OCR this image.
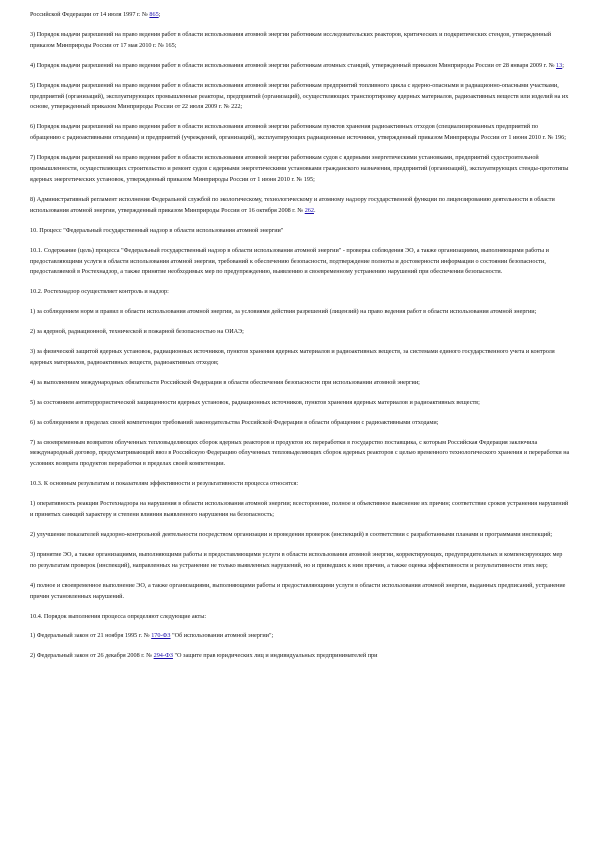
Российской Федерации от 14 июля 1997 г. № 865;

3) Порядок выдачи разрешений на право ведения работ в области использования атомной энергии работникам исследовательских реакторов, критических и подкритических стендов, утвержденный приказом Минприроды России от 17 мая 2010 г. № 165;

4) Порядок выдачи разрешений на право ведения работ в области использования атомной энергии работникам атомных станций, утвержденный приказом Минприроды России от 28 января 2009 г. № 13;

5) Порядок выдачи разрешений на право ведения работ в области использования атомной энергии работникам предприятий топливного цикла с ядерно-опасными и радиационно-опасными участками, предприятий (организаций), эксплуатирующих промышленные реакторы, предприятий (организаций), осуществляющих транспортировку ядерных материалов, радиоактивных веществ или изделий на их основе, утвержденный приказом Минприроды России от 22 июля 2009 г. № 222;

6) Порядок выдачи разрешений на право ведения работ в области использования атомной энергии работникам пунктов хранения радиоактивных отходов (специализированных предприятий по обращению с радиоактивными отходами) и предприятий (учреждений, организаций), эксплуатирующих радиационные источники, утвержденный приказом Минприроды России от 1 июня 2010 г. № 196;

7) Порядок выдачи разрешений на право ведения работ в области использования атомной энергии работникам судов с ядерными энергетическими установками, предприятий судостроительной промышленности, осуществляющих строительство и ремонт судов с ядерными энергетическими установками гражданского назначения, предприятий (организаций), эксплуатирующих стенды-прототипы ядерных энергетических установок, утвержденный приказом Минприроды России от 1 июня 2010 г. № 195;

8) Административный регламент исполнения Федеральной службой по экологическому, технологическому и атомному надзору государственной функции по лицензированию деятельности в области использования атомной энергии, утвержденный приказом Минприроды России от 16 октября 2008 г. № 262.

10. Процесс "Федеральный государственный надзор в области использования атомной энергии"

10.1. Содержание (цель) процесса "Федеральный государственный надзор в области использования атомной энергии" - проверка соблюдения ЭО, а также организациями, выполняющими работы и предоставляющими услуги в области использования атомной энергии, требований к обеспечению безопасности, подтверждение полноты и достоверности информации о состоянии безопасности, предоставляемой в Ростехнадзор, а также принятие необходимых мер по предупреждению, выявлению и своевременному устранению нарушений при обеспечении безопасности.

10.2. Ростехнадзор осуществляет контроль и надзор:

1) за соблюдением норм и правил в области использования атомной энергии, за условиями действия разрешений (лицензий) на право ведения работ в области использования атомной энергии;

2) за ядерной, радиационной, технической и пожарной безопасностью на ОИАЭ;

3) за физической защитой ядерных установок, радиационных источников, пунктов хранения ядерных материалов и радиоактивных веществ, за системами единого государственного учета и контроля ядерных материалов, радиоактивных веществ, радиоактивных отходов;

4) за выполнением международных обязательств Российской Федерации в области обеспечения безопасности при использовании атомной энергии;

5) за состоянием антитеррористической защищенности ядерных установок, радиационных источников, пунктов хранения ядерных материалов и радиоактивных веществ;

6) за соблюдением в пределах своей компетенции требований законодательства Российской Федерации в области обращения с радиоактивными отходами;

7) за своевременным возвратом облученных тепловыделяющих сборок ядерных реакторов и продуктов их переработки в государство поставщика, с которым Российская Федерация заключила международный договор, предусматривающий ввоз в Российскую Федерацию облученных тепловыделяющих сборок ядерных реакторов с целью временного технологического хранения и переработки на условиях возврата продуктов переработки в пределах своей компетенции.

10.3. К основным результатам и показателям эффективности и результативности процесса относятся:

1) оперативность реакции Ростехнадзора на нарушения в области использования атомной энергии; всесторонние, полное и объективное выяснение их причин; соответствие сроков устранения нарушений и принятых санкций характеру и степени влияния выявленного нарушения на безопасность;

2) улучшение показателей надзорно-контрольной деятельности посредством организации и проведения проверок (инспекций) в соответствии с разработанными планами и программами инспекций;

3) принятие ЭО, а также организациями, выполняющими работы и предоставляющими услуги в области использования атомной энергии, корректирующих, предупредительных и компенсирующих мер по результатам проверок (инспекций), направленных на устранение не только выявленных нарушений, но и приведших к ним причин, а также оценка эффективности и результативности этих мер;

4) полное и своевременное выполнение ЭО, а также организациями, выполняющими работы и предоставляющими услуги в области использования атомной энергии, выданных предписаний, устранение причин установленных нарушений.

10.4. Порядок выполнения процесса определяют следующие акты:

1) Федеральный закон от 21 ноября 1995 г. № 170-ФЗ "Об использовании атомной энергии";

2) Федеральный закон от 26 декабря 2008 г. № 294-ФЗ "О защите прав юридических лиц и индивидуальных предпринимателей при
